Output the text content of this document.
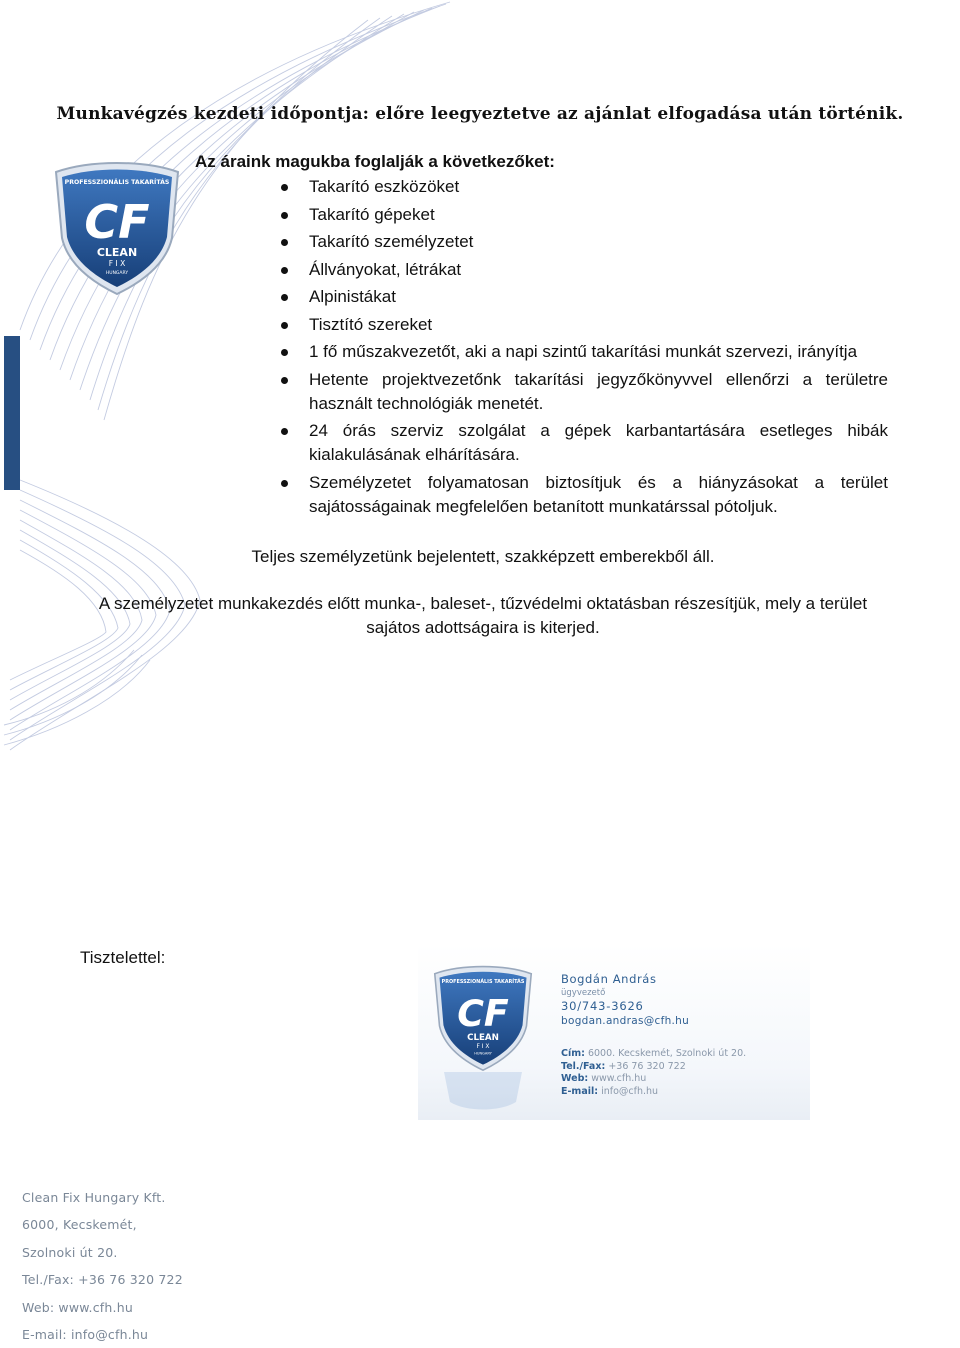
PROFESSZIONÁLIS TAKARÍTÁS
CF
CLEAN
F I X
HUNGARY
Munkavégzés kezdeti időpontja: előre leegyeztetve az ajánlat elfogadása után történik.
Az áraink magukba foglalják a következőket:
Takarító eszközöket
Takarító gépeket
Takarító személyzetet
Állványokat, létrákat
Alpinistákat
Tisztító szereket
1 fő műszakvezetőt, aki a napi szintű takarítási munkát szervezi, irányítja
Hetente projektvezetőnk takarítási jegyzőkönyvvel ellenőrzi a területre használt technológiák menetét.
24 órás szerviz szolgálat a gépek karbantartására esetleges hibák kialakulásának elhárítására.
Személyzetet folyamatosan biztosítjuk és a hiányzásokat a terület sajátosságainak megfelelően betanított munkatárssal pótoljuk.
Teljes személyzetünk bejelentett, szakképzett emberekből áll.
A személyzetet munkakezdés előtt munka-, baleset-, tűzvédelmi oktatásban részesítjük, mely a terület
sajátos adottságaira is kiterjed.
Tisztelettel:
PROFESSZIONÁLIS TAKARÍTÁS
CF
CLEAN
F I X
HUNGARY
Bogdán András
ügyvezető
30/743-3626
bogdan.andras@cfh.hu
Cím: 6000. Kecskemét, Szolnoki út 20.
Tel./Fax: +36 76 320 722
Web: www.cfh.hu
E-mail: info@cfh.hu
Clean Fix Hungary Kft.
6000, Kecskemét,
Szolnoki út 20.
Tel./Fax: +36 76 320 722
Web: www.cfh.hu
E-mail: info@cfh.hu
